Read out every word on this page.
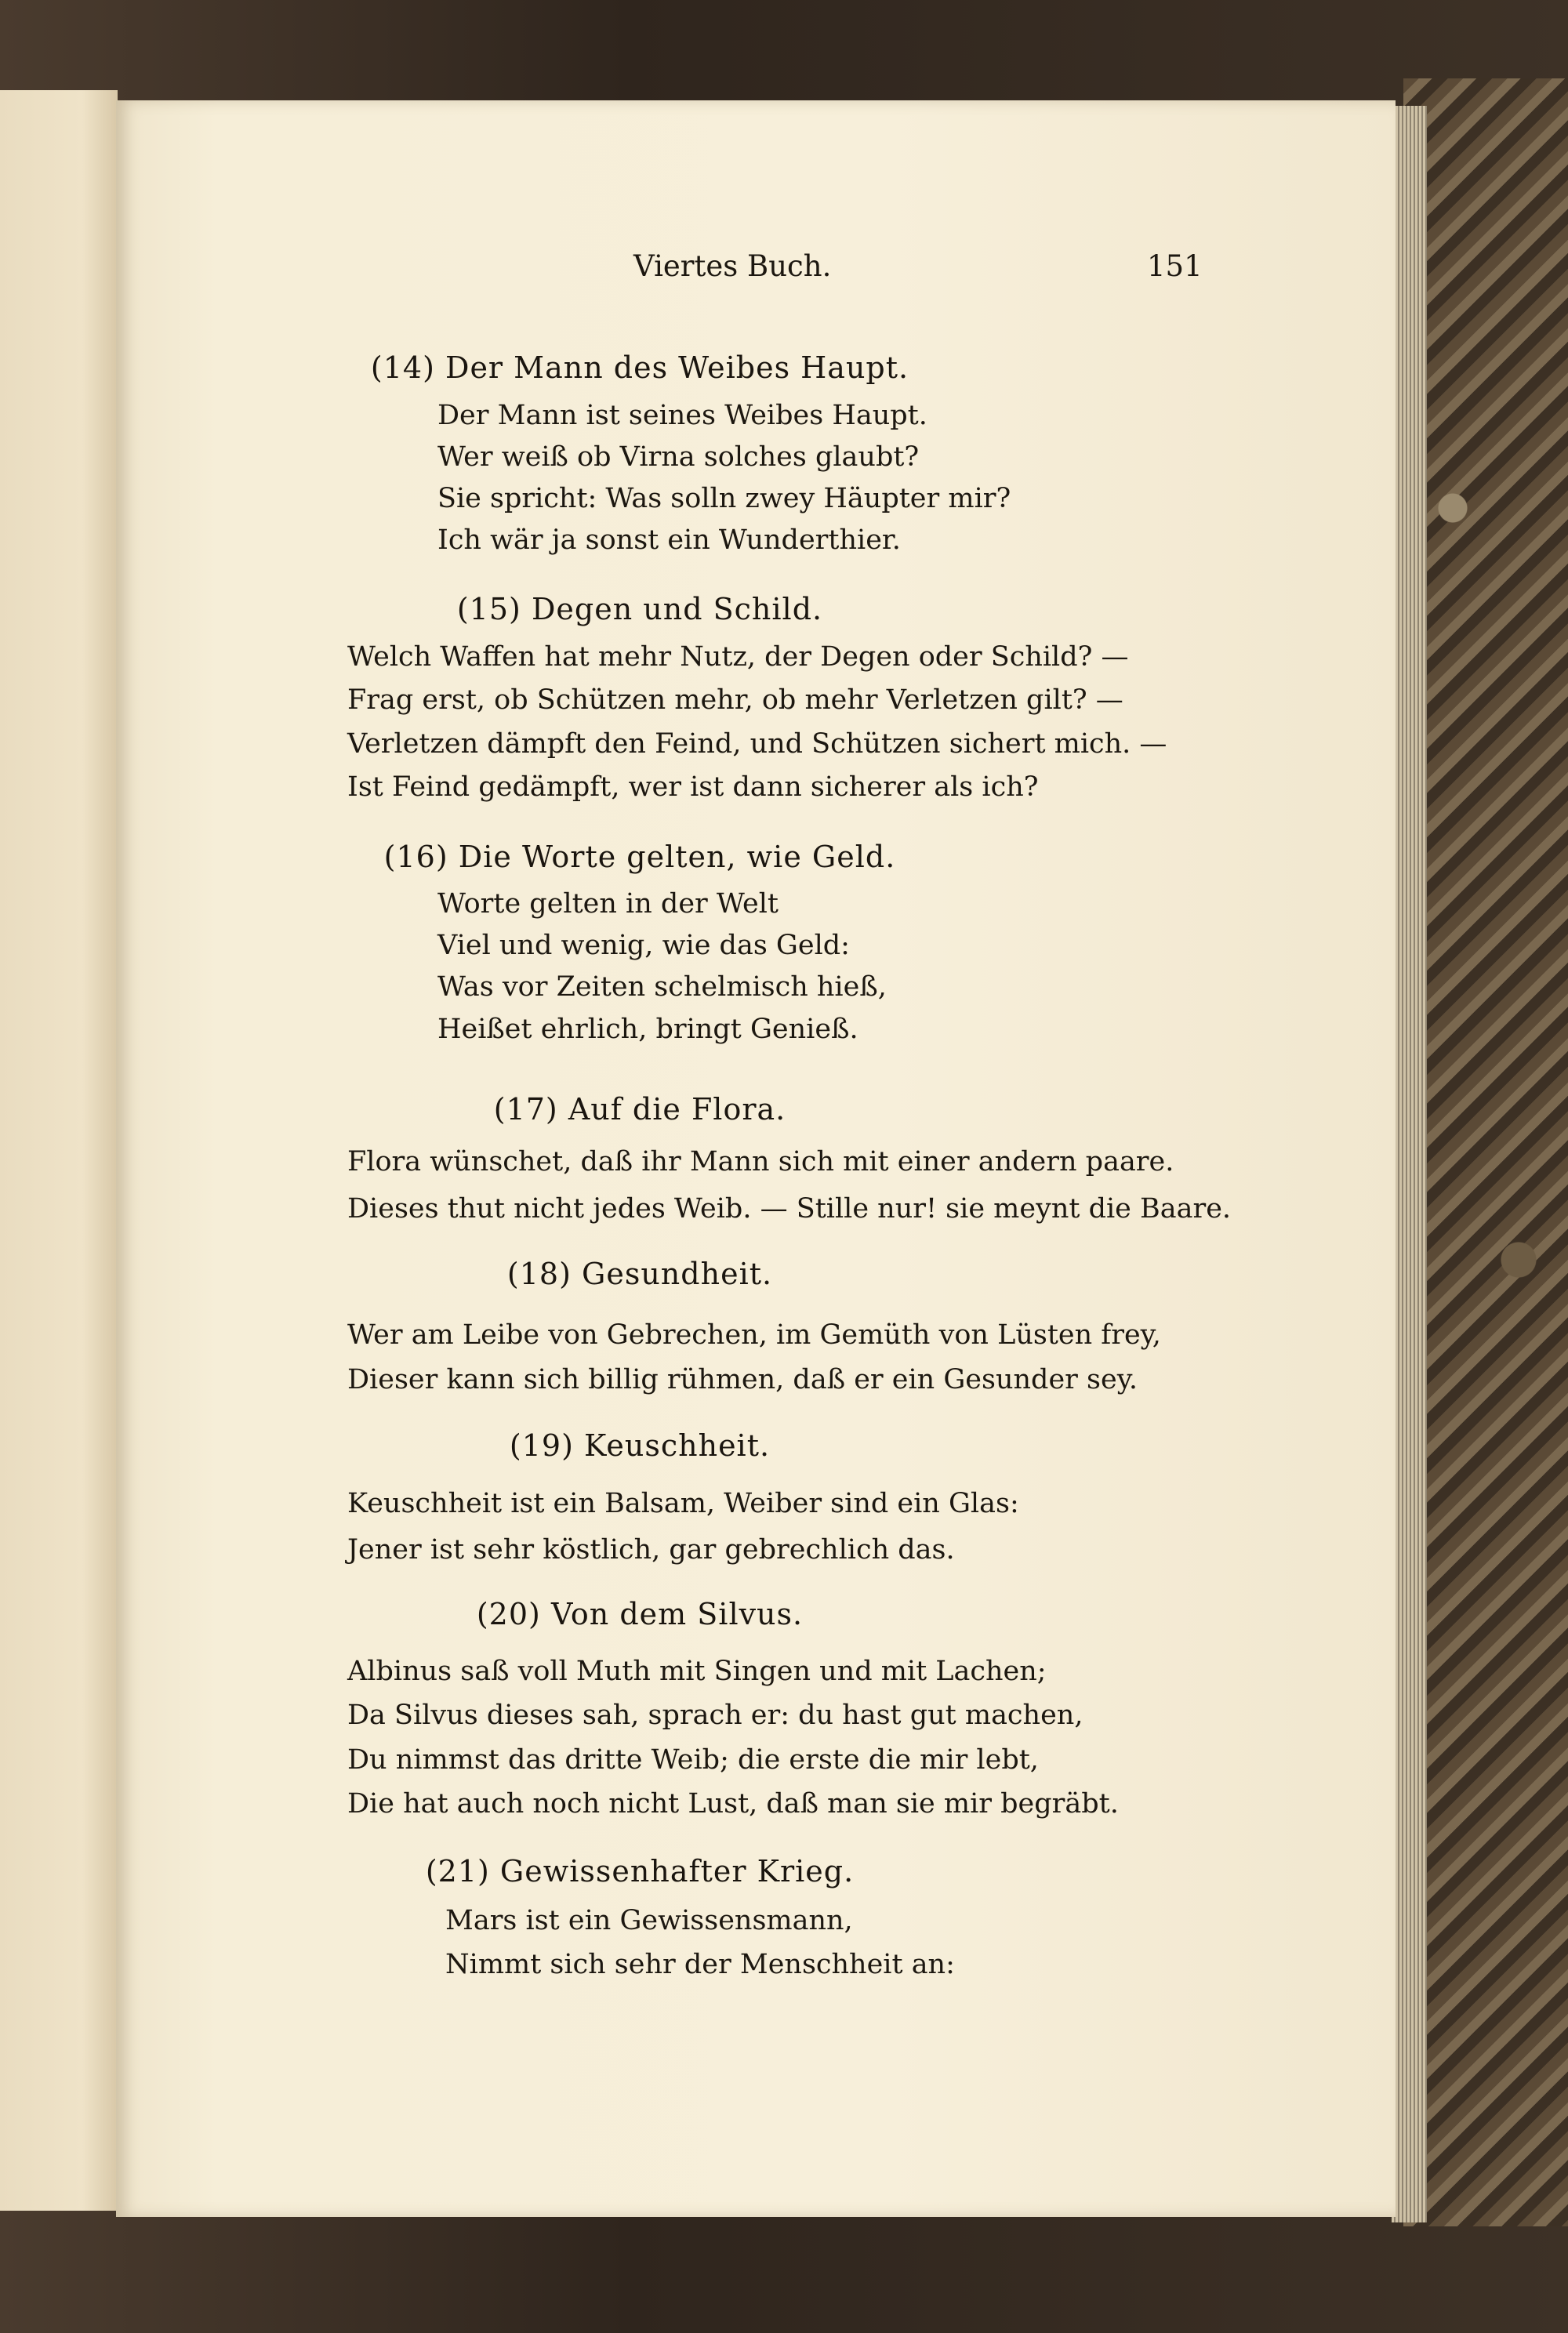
Viertes Buch.	151
(14) Der Mann des Weibes Haupt.
Der Mann ist seines Weibes Haupt.
Wer weiß ob Virna solches glaubt?
Sie spricht: Was solln zwey Häupter mir?
Ich wär ja sonst ein Wunderthier.
(15) Degen und Schild.
Welch Waffen hat mehr Nutz, der Degen oder Schild? —
Frag erst, ob Schützen mehr, ob mehr Verletzen gilt? —
Verletzen dämpft den Feind, und Schützen sichert mich. —
Ist Feind gedämpft, wer ist dann sicherer als ich?
(16) Die Worte gelten, wie Geld.
Worte gelten in der Welt
Viel und wenig, wie das Geld:
Was vor Zeiten schelmisch hieß,
Heißet ehrlich, bringt Genieß.
(17) Auf die Flora.
Flora wünschet, daß ihr Mann sich mit einer andern paare.
Dieses thut nicht jedes Weib. — Stille nur! sie meynt die Baare.
(18) Gesundheit.
Wer am Leibe von Gebrechen, im Gemüth von Lüsten frey,
Dieser kann sich billig rühmen, daß er ein Gesunder sey.
(19) Keuschheit.
Keuschheit ist ein Balsam, Weiber sind ein Glas:
Jener ist sehr köstlich, gar gebrechlich das.
(20) Von dem Silvus.
Albinus saß voll Muth mit Singen und mit Lachen;
Da Silvus dieses sah, sprach er: du hast gut machen,
Du nimmst das dritte Weib; die erste die mir lebt,
Die hat auch noch nicht Lust, daß man sie mir begräbt.
(21) Gewissenhafter Krieg.
Mars ist ein Gewissensmann,
Nimmt sich sehr der Menschheit an:
